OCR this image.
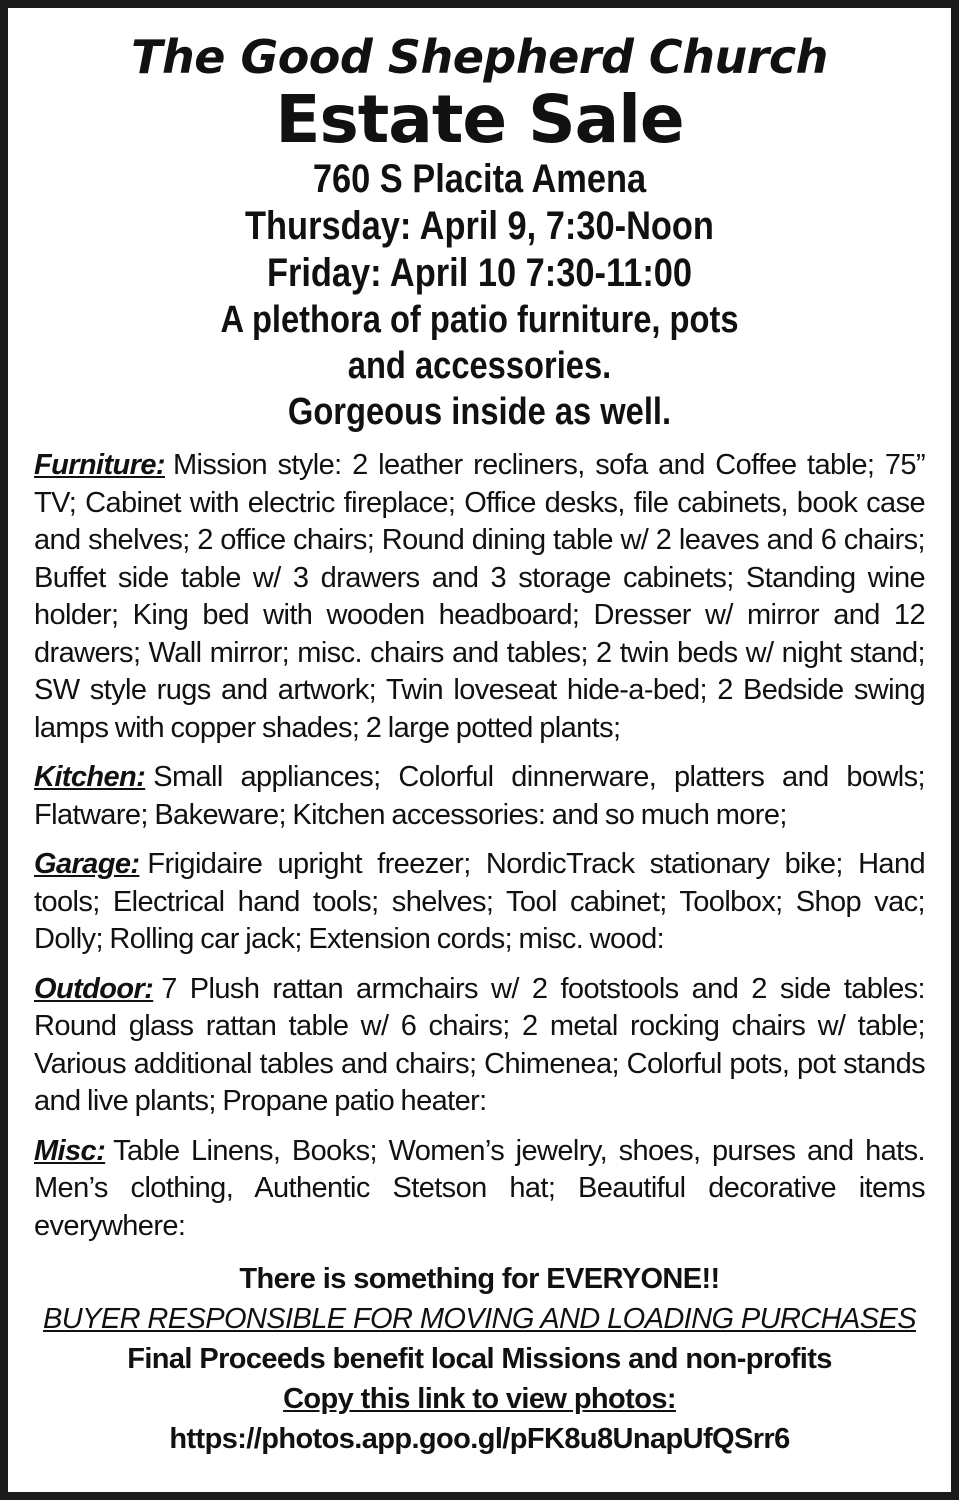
The Good Shepherd Church
Estate Sale
760 S Placita Amena
Thursday: April 9, 7:30-Noon
Friday: April 10 7:30-11:00
A plethora of patio furniture, pots
and accessories.
Gorgeous inside as well.
Furniture: Mission style: 2 leather recliners, sofa and Coffee table; 75” TV; Cabinet with electric fireplace; Office desks, file cabinets, book case and shelves; 2 office chairs; Round dining table w/ 2 leaves and 6 chairs; Buffet side table w/ 3 drawers and 3 storage cabinets; Standing wine holder; King bed with wooden headboard; Dresser w/ mirror and 12 drawers; Wall mirror; misc. chairs and tables; 2 twin beds w/ night stand; SW style rugs and artwork; Twin loveseat hide-a-bed; 2 Bedside swing lamps with copper shades; 2 large potted plants;
Kitchen: Small appliances; Colorful dinnerware, platters and bowls; Flatware; Bakeware; Kitchen accessories: and so much more;
Garage: Frigidaire upright freezer; NordicTrack stationary bike; Hand tools; Electrical hand tools; shelves; Tool cabinet; Toolbox; Shop vac; Dolly; Rolling car jack; Extension cords; misc. wood:
Outdoor: 7 Plush rattan armchairs w/ 2 footstools and 2 side tables: Round glass rattan table w/ 6 chairs; 2 metal rocking chairs w/ table; Various additional tables and chairs; Chimenea; Colorful pots, pot stands and live plants; Propane patio heater:
Misc: Table Linens, Books; Women’s jewelry, shoes, purses and hats. Men’s clothing, Authentic Stetson hat; Beautiful decorative items everywhere:
There is something for EVERYONE!!
BUYER RESPONSIBLE FOR MOVING AND LOADING PURCHASES
Final Proceeds benefit local Missions and non-profits
Copy this link to view photos:
https://photos.app.goo.gl/pFK8u8UnapUfQSrr6
